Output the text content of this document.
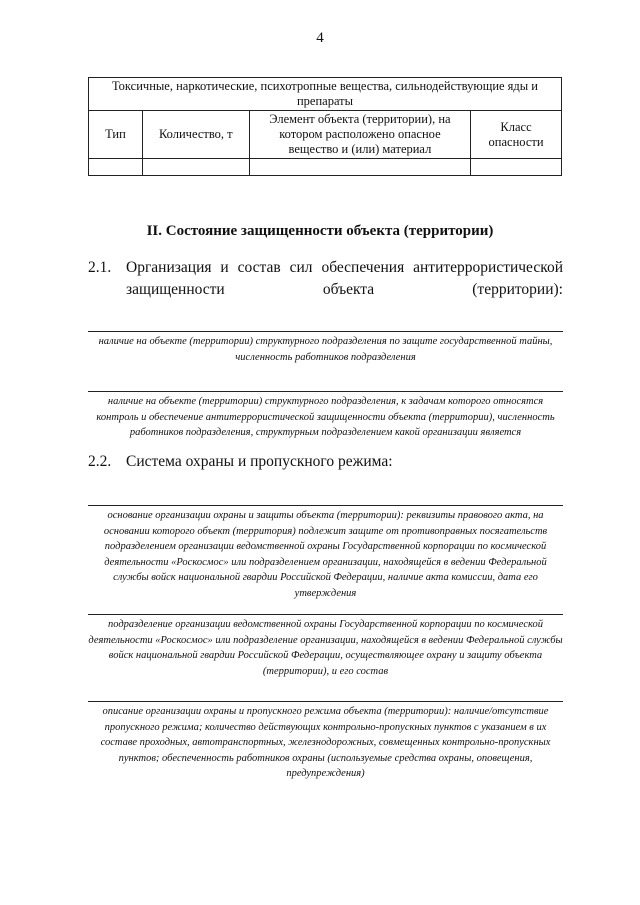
4
Токсичные, наркотические, психотропные вещества, сильнодействующие яды и препараты			
Тип	Количество, т	Элемент объекта (территории), на котором расположено опасное вещество и (или) материал	Класс опасности

II. Состояние защищенности объекта (территории)
2.1. Организация и состав сил обеспечения антитеррористической защищенности объекта (территории):
наличие на объекте (территории) структурного подразделения по защите государственной тайны, численность работников подразделения
наличие на объекте (территории) структурного подразделения, к задачам которого относятся контроль и обеспечение антитеррористической защищенности объекта (территории), численность работников подразделения, структурным подразделением какой организации является
2.2. Система охраны и пропускного режима:
основание организации охраны и защиты объекта (территории): реквизиты правового акта, на основании которого объект (территория) подлежит защите от противоправных посягательств подразделением организации ведомственной охраны Государственной корпорации по космической деятельности «Роскосмос» или подразделением организации, находящейся в ведении Федеральной службы войск национальной гвардии Российской Федерации, наличие акта комиссии, дата его утверждения
подразделение организации ведомственной охраны Государственной корпорации по космической деятельности «Роскосмос» или подразделение организации, находящейся в ведении Федеральной службы войск национальной гвардии Российской Федерации, осуществляющее охрану и защиту объекта (территории), и его состав
описание организации охраны и пропускного режима объекта (территории): наличие/отсутствие пропускного режима; количество действующих контрольно-пропускных пунктов с указанием в их составе проходных, автотранспортных, железнодорожных, совмещенных контрольно-пропускных пунктов; обеспеченность работников охраны (используемые средства охраны, оповещения, предупреждения)
